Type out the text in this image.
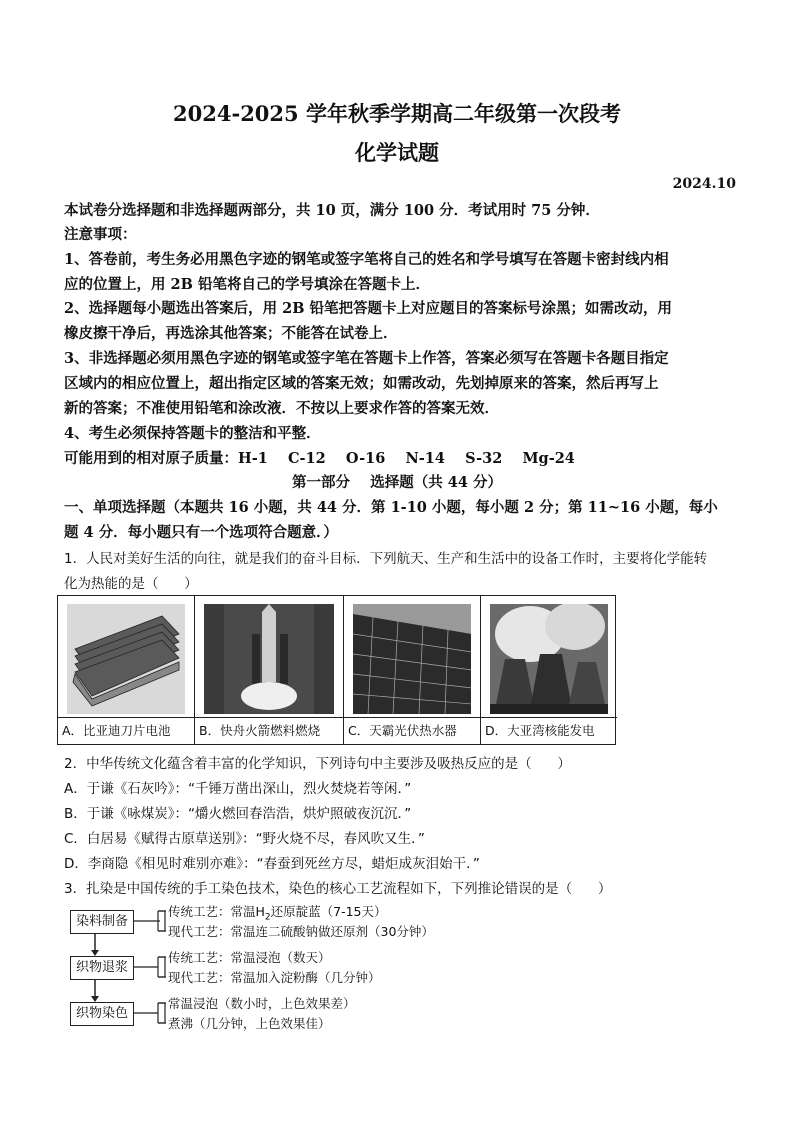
2024-2025 学年秋季学期高二年级第一次段考
化学试题
2024.10
本试卷分选择题和非选择题两部分，共 10 页，满分 100 分．考试用时 75 分钟．
注意事项：
1、答卷前，考生务必用黑色字迹的钢笔或签字笔将自己的姓名和学号填写在答题卡密封线内相
应的位置上，用 2B 铅笔将自己的学号填涂在答题卡上．
2、选择题每小题选出答案后，用 2B 铅笔把答题卡上对应题目的答案标号涂黑；如需改动，用
橡皮擦干净后，再选涂其他答案；不能答在试卷上．
3、非选择题必须用黑色字迹的钢笔或签字笔在答题卡上作答，答案必须写在答题卡各题目指定
区域内的相应位置上，超出指定区域的答案无效；如需改动，先划掉原来的答案，然后再写上
新的答案；不准使用铅笔和涂改液．不按以上要求作答的答案无效．
4、考生必须保持答题卡的整洁和平整．
可能用到的相对原子质量：H-1    C-12    O-16    N-14    S-32    Mg-24
第一部分    选择题（共 44 分）
一、单项选择题（本题共 16 小题，共 44 分．第 1-10 小题，每小题 2 分；第 11~16 小题，每小
题 4 分．每小题只有一个选项符合题意．）
1．人民对美好生活的向往，就是我们的奋斗目标．下列航天、生产和生活中的设备工作时，主要将化学能转
化为热能的是（      ）
A．比亚迪刀片电池	B．快舟火箭燃料燃烧	C．天霸光伏热水器	D．大亚湾核能发电
2．中华传统文化蕴含着丰富的化学知识，下列诗句中主要涉及吸热反应的是（      ）
A．于谦《石灰吟》：“千锤万凿出深山，烈火焚烧若等闲．”
B．于谦《咏煤炭》：“爝火燃回春浩浩，烘炉照破夜沉沉．”
C．白居易《赋得古原草送别》：“野火烧不尽，春风吹又生．”
D．李商隐《相见时难别亦难》：“春蚕到死丝方尽，蜡炬成灰泪始干．”
3．扎染是中国传统的手工染色技术，染色的核心工艺流程如下，下列推论错误的是（      ）
染料制备
织物退浆
织物染色
传统工艺：常温$H_2$还原靛蓝（7-15天）
现代工艺：常温连二硫酸钠做还原剂（30分钟）
传统工艺：常温浸泡（数天）
现代工艺：常温加入淀粉酶（几分钟）
常温浸泡（数小时，上色效果差）
煮沸（几分钟，上色效果佳）
